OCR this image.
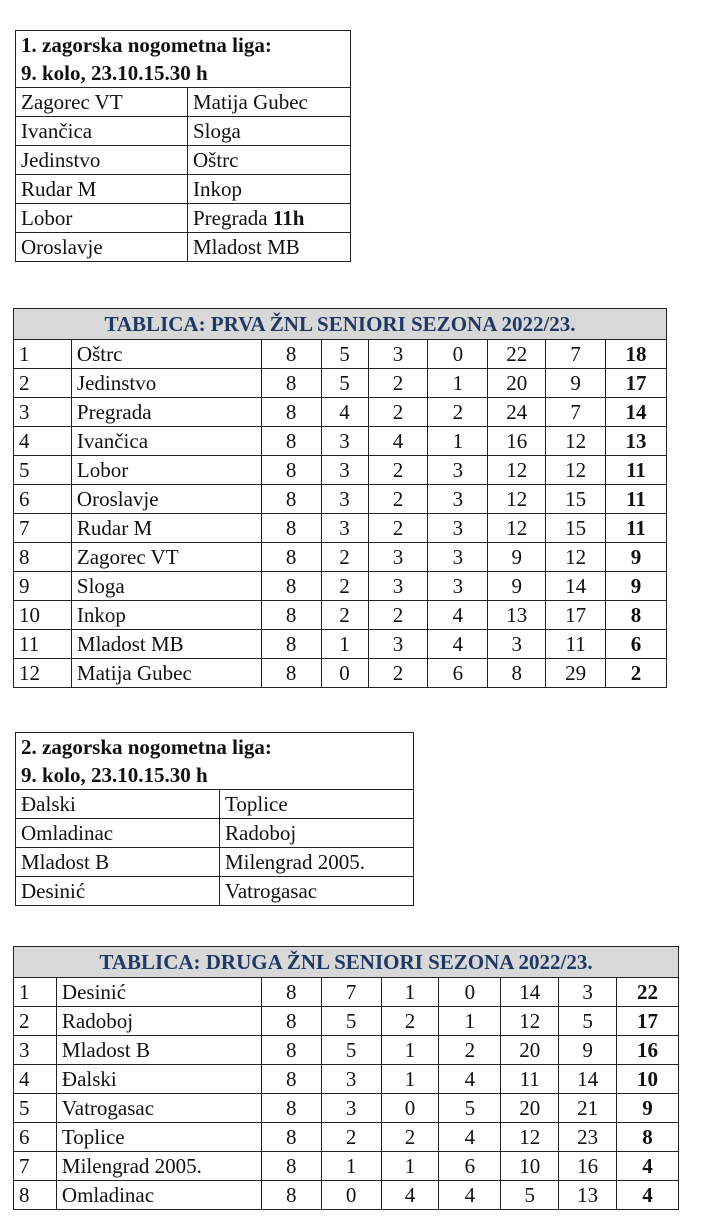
1. zagorska nogometna liga:
9. kolo, 23.10.15.30 h	

Zagorec VT	Matija Gubec
Ivančica	Sloga
Jedinstvo	Oštrc
Rudar M	Inkop
Lobor	Pregrada 11h
Oroslavje	Mladost MB
TABLICA: PRVA ŽNL SENIORI SEZONA 2022/23.								
1	Oštrc	8	5	3	0	22	7	18
2	Jedinstvo	8	5	2	1	20	9	17
3	Pregrada	8	4	2	2	24	7	14
4	Ivančica	8	3	4	1	16	12	13
5	Lobor	8	3	2	3	12	12	11
6	Oroslavje	8	3	2	3	12	15	11
7	Rudar M	8	3	2	3	12	15	11
8	Zagorec VT	8	2	3	3	9	12	9
9	Sloga	8	2	3	3	9	14	9
10	Inkop	8	2	2	4	13	17	8
11	Mladost MB	8	1	3	4	3	11	6
12	Matija Gubec	8	0	2	6	8	29	2
2. zagorska nogometna liga:
9. kolo, 23.10.15.30 h	

Đalski	Toplice
Omladinac	Radoboj
Mladost B	Milengrad 2005.
Desinić	Vatrogasac
TABLICA: DRUGA ŽNL SENIORI SEZONA 2022/23.								
1	Desinić	8	7	1	0	14	3	22
2	Radoboj	8	5	2	1	12	5	17
3	Mladost B	8	5	1	2	20	9	16
4	Đalski	8	3	1	4	11	14	10
5	Vatrogasac	8	3	0	5	20	21	9
6	Toplice	8	2	2	4	12	23	8
7	Milengrad 2005.	8	1	1	6	10	16	4
8	Omladinac	8	0	4	4	5	13	4
